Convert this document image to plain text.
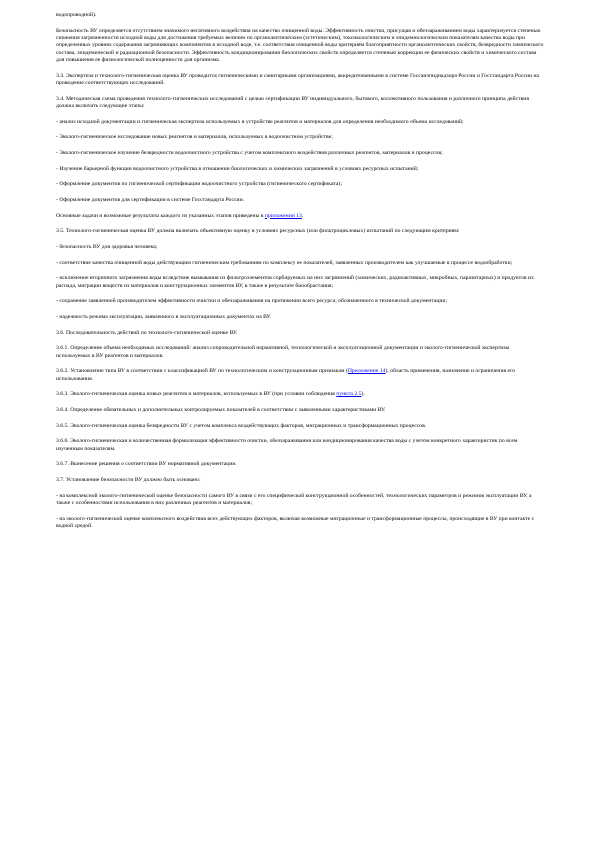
водопроводной).

Безопасность ВУ определяется отсутствием значимого негативного воздействия на качество очищенной воды. Эффективность очистки, присущая и обеззараживанием воды характеризуется степенью снижения загрязненности исходной воды для достижения требуемых величин по органолептическим (эстетическим), токсикологическим и эпидемиологическим показателям качества воды при определенных уровнях содержания загрязняющих компонентов в исходной воде, т.е. соответствия очищенной воды критериям благоприятности органолептических свойств, безвредности химического состава, эпидемической и радиационной безопасности. Эффективность кондиционирования биологических свойств определяется степенью коррекции ее физических свойств и химического состава для повышения ее физиологической полноценности для организма.

3.3. Экспертиза и технолого-гигиеническая оценка ВУ проводится гигиеническими и санитарными организациями, аккредитованными в системе Госсанэпиднадзора России и Госстандарта России на проведение соответствующих исследований.

3.4. Методическая схема проведения технолого-гигиенических исследований с целью сертификации ВУ индивидуального, бытового, коллективного пользования и различного принципа действия должна включать следующие этапы:

- анализ исходной документации и гигиеническая экспертиза используемых в устройстве реагентов и материалов для определения необходимого объема исследований;

- Эколого-гигиеническое исследование новых реагентов и материалов, используемых в водоочистном устройстве;

- Эколого-гигиеническое изучение безвредности водоочистного устройства с учетом комплексного воздействия различных реагентов, материалов и процессов;

- Изучение барьерной функции водоочистного устройства в отношении биологических и химических загрязнений в условиях ресурсных испытаний;

- Оформление документов по гигиенической сертификации водоочистного устройства (гигиенического сертификата);

- Оформление документов для сертификации в системе Госстандарта России.

Основные задачи и возможные результаты каждого из указанных этапов приведены в приложении 13.

3.5. Технолого-гигиеническая оценка ВУ должна включать объективную оценку в условиях ресурсных (или фильтроцикловых) испытаний по следующим критериям:

- безопасность ВУ для здоровья человека;

- соответствие качества очищенной воды действующим гигиеническим требованиям по комплексу ее показателей, заявленных производителем как улучшаемые в процессе водообработки;

- исключение вторичного загрязнения воды вследствие вымывания из фильтроэлементов сорбируемых на них загрязнений (химических, радиоактивных, микробных, паразитарных) и продуктов их распада, миграции веществ из материалов и конструкционных элементов ВУ, в также в результате биообрастания;

- сохранение заявленной производителем эффективности очистки и обеззараживания на протяжении всего ресурса, обозначенного в технической документации;

- надежность режима эксплуатации, заявленного в эксплуатационных документах на ВУ.

3.6. Последовательность действий по технолого-гигиенической оценке ВУ.

3.6.1. Определение объема необходимых исследований: анализ сопроводительной нормативной, технологической и эксплуатационной документации и эколого-гигиенической экспертизы используемых в ВУ реагентов и материалов.

3.6.2. Установление типа ВУ в соответствии с классификацией ВУ по технологическим и конструкционным признакам (Приложение 14), область применения, назначение и ограничения его использования.

3.6.3. Эколого-гигиеническая оценка новых реагентов и материалов, используемых в ВУ (при условии соблюдения пункта 2.5).

3.6.4. Определение обязательных и дополнительных контролируемых показателей в соответствии с заявленными характеристиками ВУ.

3.6.5. Эколого-гигиеническая оценка безвредности ВУ с учетом комплекса воздействующих факторов, миграционных и трансформационных процессов.

3.6.6. Эколого-гигиеническая и количественная формализация эффективности очистки, обеззараживания или кондиционирования качества воды с учетом конкретного характеристик по всем изученным показателям.

3.6.7. Вынесение решения о соответствии ВУ нормативной документации.

3.7. Установление безопасности ВУ должно быть основано:

- на комплексной эколого-гигиенической оценке безопасности самого ВУ в связи с его специфической конструкционной особенностей, технологических параметров и режимов эксплуатации ВУ, а также с особенностями использования в них различных реагентов и материалов;

- на эколого-гигиенической оценке комплексного воздействия всех действующих факторов, включая возможные миграционные и трансформационные процессы, происходящие в ВУ при контакте с водной средой.
